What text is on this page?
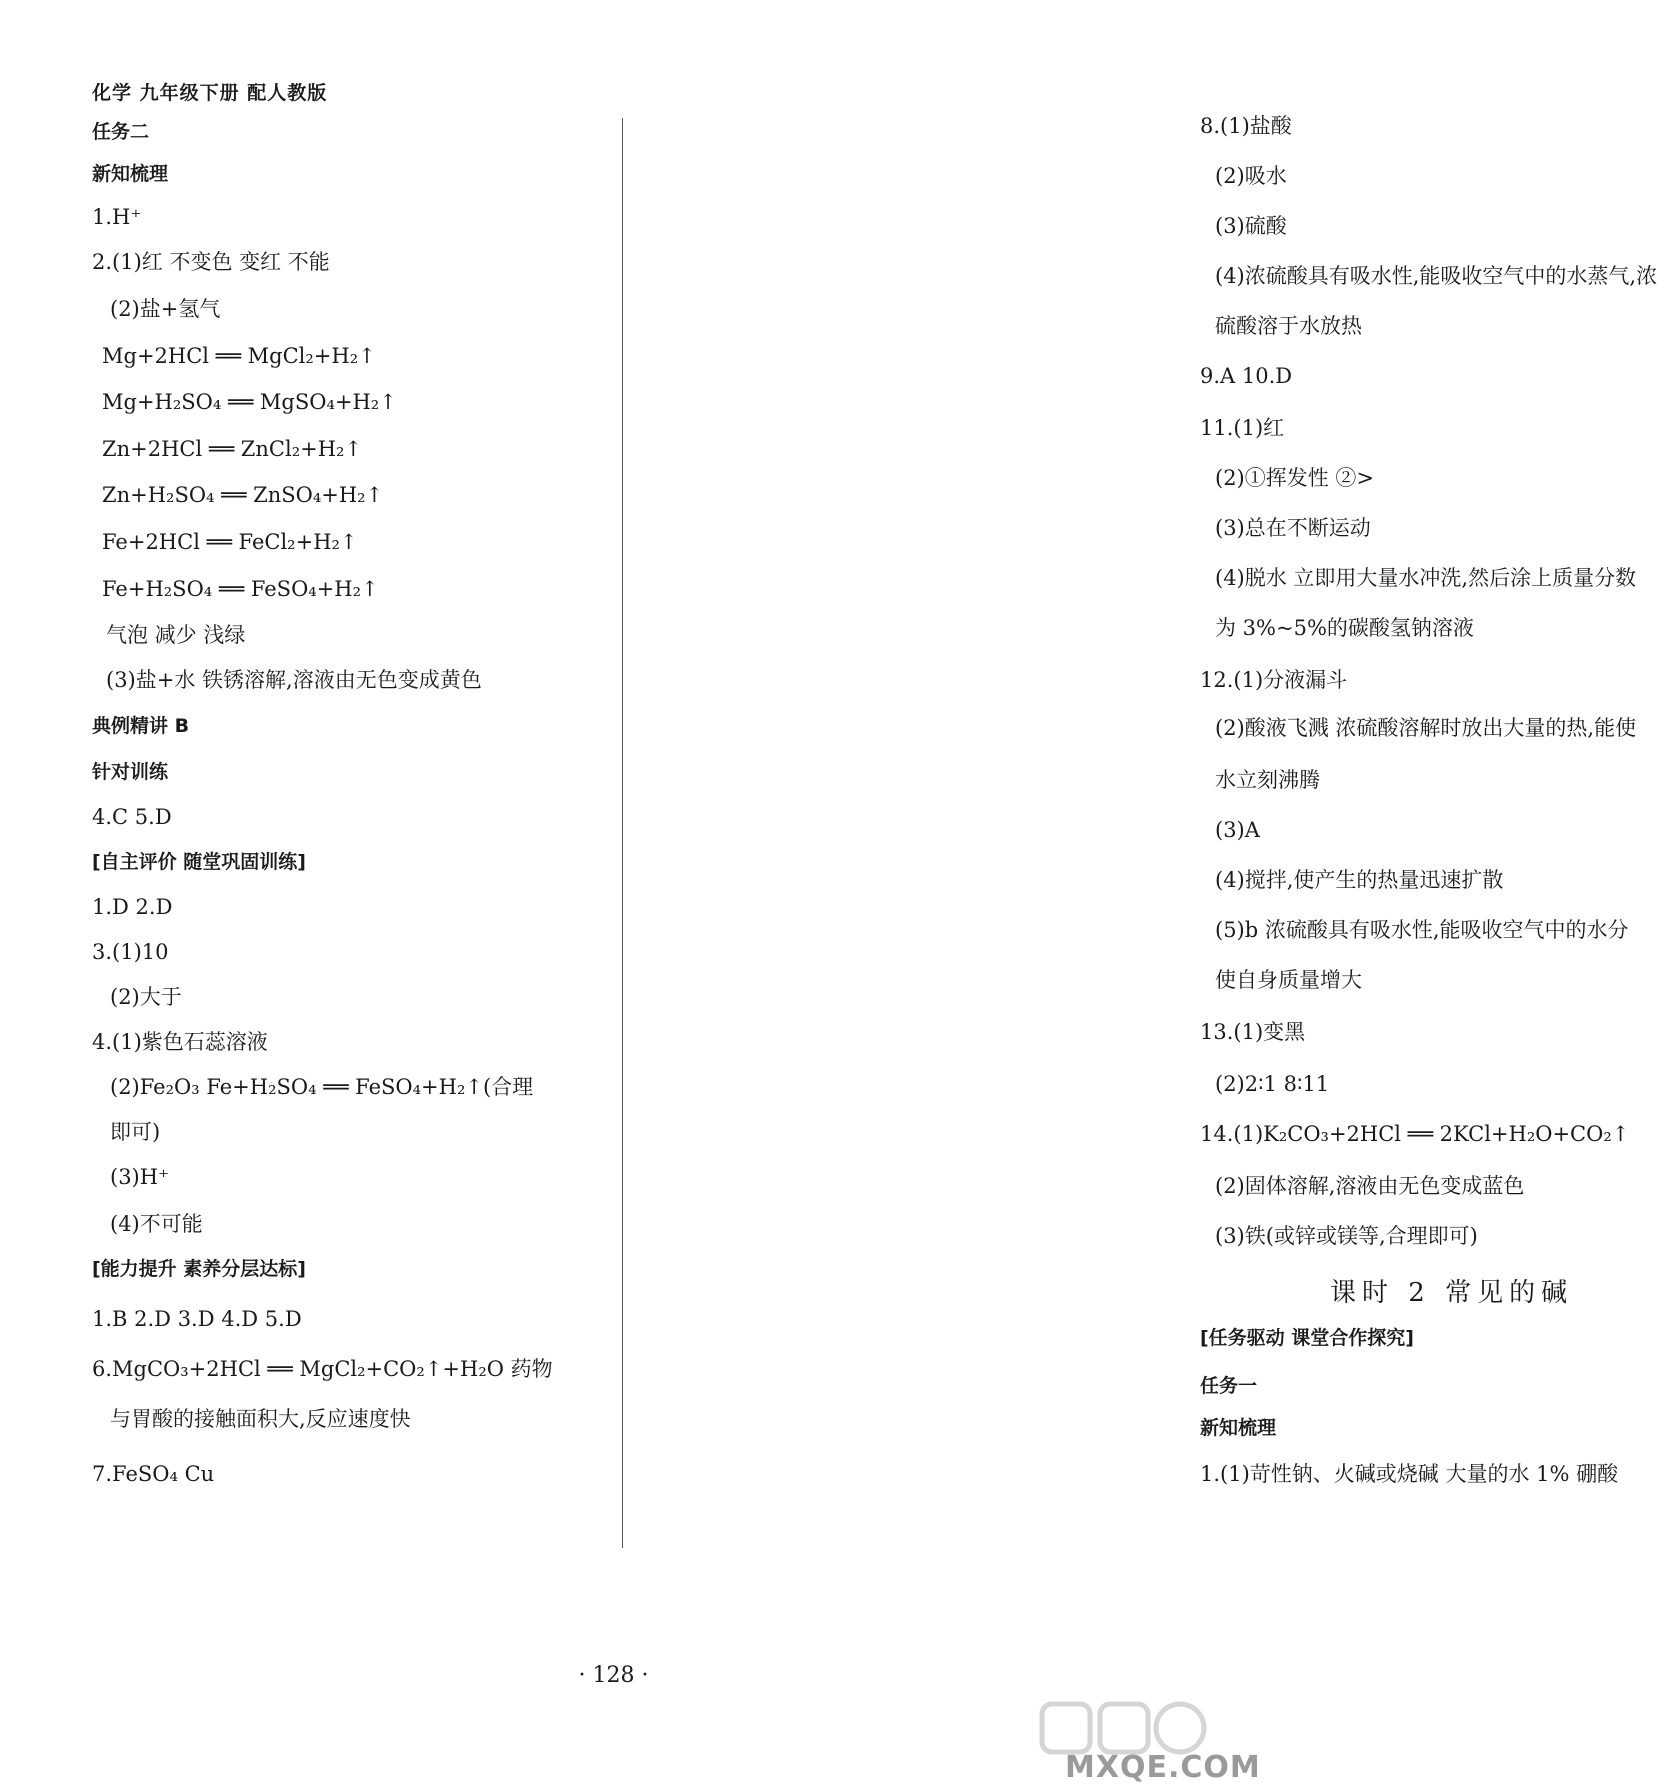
化学 九年级下册 配人教版
任务二
新知梳理
1.H⁺
2.(1)红 不变色 变红 不能
(2)盐+氢气
Mg+2HCl ══ MgCl₂+H₂↑
Mg+H₂SO₄ ══ MgSO₄+H₂↑
Zn+2HCl ══ ZnCl₂+H₂↑
Zn+H₂SO₄ ══ ZnSO₄+H₂↑
Fe+2HCl ══ FeCl₂+H₂↑
Fe+H₂SO₄ ══ FeSO₄+H₂↑
气泡 减少 浅绿
(3)盐+水 铁锈溶解,溶液由无色变成黄色
典例精讲 B
针对训练
4.C 5.D
[自主评价 随堂巩固训练]
1.D 2.D
3.(1)10
(2)大于
4.(1)紫色石蕊溶液
(2)Fe₂O₃ Fe+H₂SO₄ ══ FeSO₄+H₂↑(合理
即可)
(3)H⁺
(4)不可能
[能力提升 素养分层达标]
1.B 2.D 3.D 4.D 5.D
6.MgCO₃+2HCl ══ MgCl₂+CO₂↑+H₂O 药物
与胃酸的接触面积大,反应速度快
7.FeSO₄ Cu
8.(1)盐酸
(2)吸水
(3)硫酸
(4)浓硫酸具有吸水性,能吸收空气中的水蒸气,浓
硫酸溶于水放热
9.A 10.D
11.(1)红
(2)①挥发性 ②>
(3)总在不断运动
(4)脱水 立即用大量水冲洗,然后涂上质量分数
为 3%~5%的碳酸氢钠溶液
12.(1)分液漏斗
(2)酸液飞溅 浓硫酸溶解时放出大量的热,能使
水立刻沸腾
(3)A
(4)搅拌,使产生的热量迅速扩散
(5)b 浓硫酸具有吸水性,能吸收空气中的水分
使自身质量增大
13.(1)变黑
(2)2∶1 8∶11
14.(1)K₂CO₃+2HCl ══ 2KCl+H₂O+CO₂↑
(2)固体溶解,溶液由无色变成蓝色
(3)铁(或锌或镁等,合理即可)
课时 2 常见的碱
[任务驱动 课堂合作探究]
任务一
新知梳理
1.(1)苛性钠、火碱或烧碱 大量的水 1% 硼酸
· 128 ·
MXQE.COM
